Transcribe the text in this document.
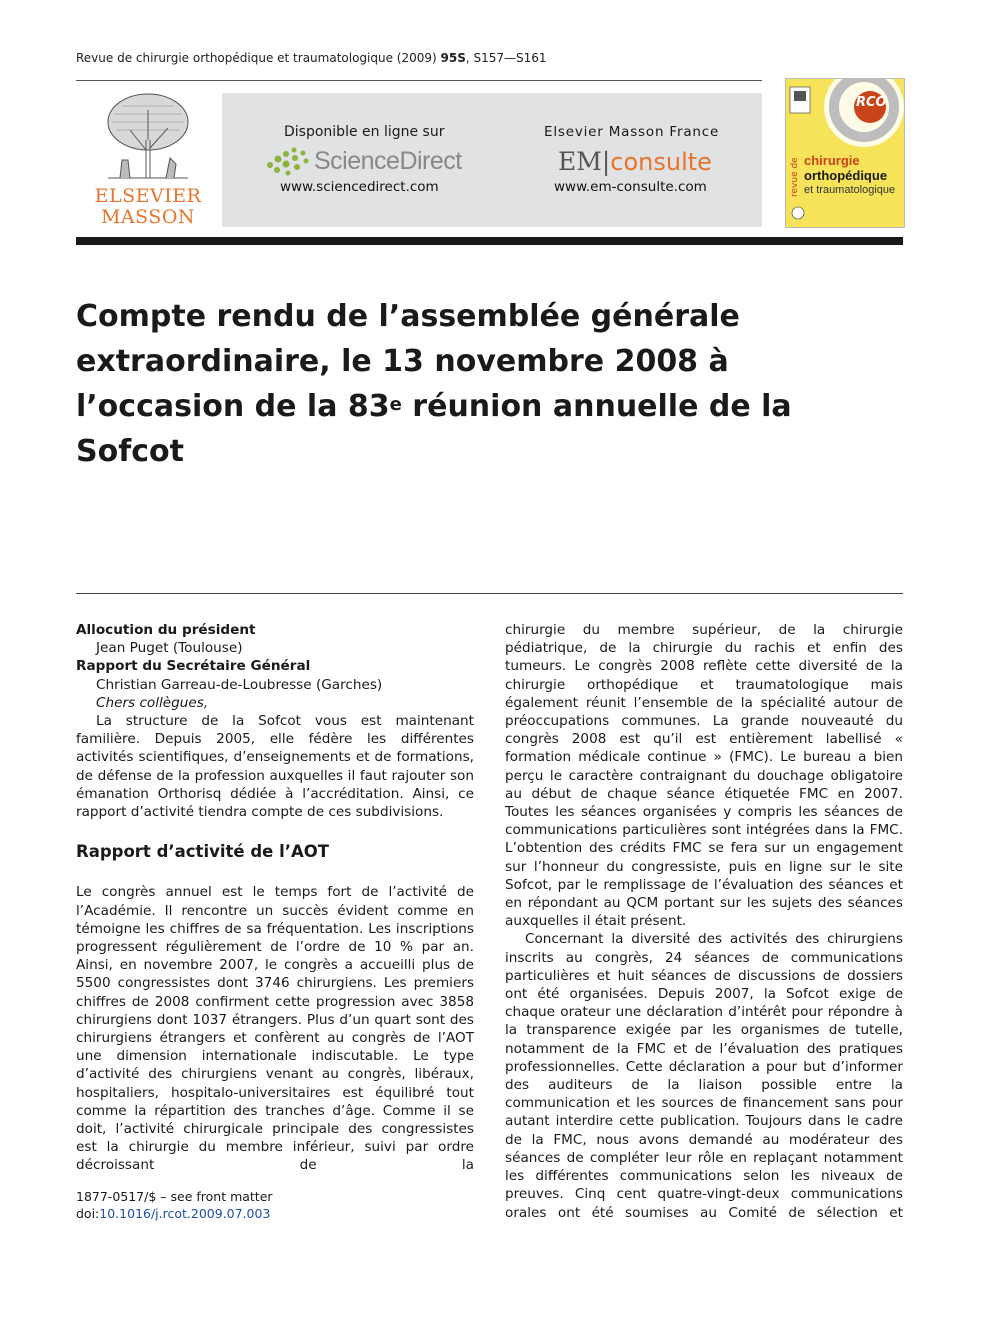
Revue de chirurgie orthopédique et traumatologique (2009) 95S, S157—S161
ELSEVIER
MASSON
Disponible en ligne sur
ScienceDirect
www.sciencedirect.com
Elsevier Masson France
EM|consulte
www.em-consulte.com
RCO
revue de chirurgie
orthopédique
et traumatologique
Compte rendu de l’assemblée générale extraordinaire, le 13 novembre 2008 à l’occasion de la 83e réunion annuelle de la Sofcot

Allocution du président

Jean Puget (Toulouse)

Rapport du Secrétaire Général

Christian Garreau-de-Loubresse (Garches)

Chers collègues,

La structure de la Sofcot vous est maintenant familière. Depuis 2005, elle fédère les différentes activités scientifiques, d’enseignements et de formations, de défense de la profession auxquelles il faut rajouter son émanation Orthorisq dédiée à l’accréditation. Ainsi, ce rapport d’activité tiendra compte de ces subdivisions.

Rapport d’activité de l’AOT

Le congrès annuel est le temps fort de l’activité de l’Académie. Il rencontre un succès évident comme en témoigne les chiffres de sa fréquentation. Les inscriptions progressent régulièrement de l’ordre de 10 % par an. Ainsi, en novembre 2007, le congrès a accueilli plus de 5500 congressistes dont 3746 chirurgiens. Les premiers chiffres de 2008 confirment cette progression avec 3858 chirurgiens dont 1037 étrangers. Plus d’un quart sont des chirurgiens étrangers et confèrent au congrès de l’AOT une dimension internationale indiscutable. Le type d’activité des chirurgiens venant au congrès, libéraux, hospitaliers, hospitalo-universitaires est équilibré tout comme la répartition des tranches d’âge. Comme il se doit, l’activité chirurgicale principale des congressistes est la chirurgie du membre inférieur, suivi par ordre décroissant de la

chirurgie du membre supérieur, de la chirurgie pédiatrique, de la chirurgie du rachis et enfin des tumeurs. Le congrès 2008 reflète cette diversité de la chirurgie orthopédique et traumatologique mais également réunit l’ensemble de la spécialité autour de préoccupations communes. La grande nouveauté du congrès 2008 est qu’il est entièrement labellisé « formation médicale continue » (FMC). Le bureau a bien perçu le caractère contraignant du douchage obligatoire au début de chaque séance étiquetée FMC en 2007. Toutes les séances organisées y compris les séances de communications particulières sont intégrées dans la FMC. L’obtention des crédits FMC se fera sur un engagement sur l’honneur du congressiste, puis en ligne sur le site Sofcot, par le remplissage de l’évaluation des séances et en répondant au QCM portant sur les sujets des séances auxquelles il était présent.

Concernant la diversité des activités des chirurgiens inscrits au congrès, 24 séances de communications particulières et huit séances de discussions de dossiers ont été organisées. Depuis 2007, la Sofcot exige de chaque orateur une déclaration d’intérêt pour répondre à la transparence exigée par les organismes de tutelle, notamment de la FMC et de l’évaluation des pratiques professionnelles. Cette déclaration a pour but d’informer des auditeurs de la liaison possible entre la communication et les sources de financement sans pour autant interdire cette publication. Toujours dans le cadre de la FMC, nous avons demandé au modérateur des séances de compléter leur rôle en replaçant notamment les différentes communications selon les niveaux de preuves. Cinq cent quatre-vingt-deux communications orales ont été soumises au Comité de sélection et

1877-0517/$ – see front matter
doi:10.1016/j.rcot.2009.07.003
